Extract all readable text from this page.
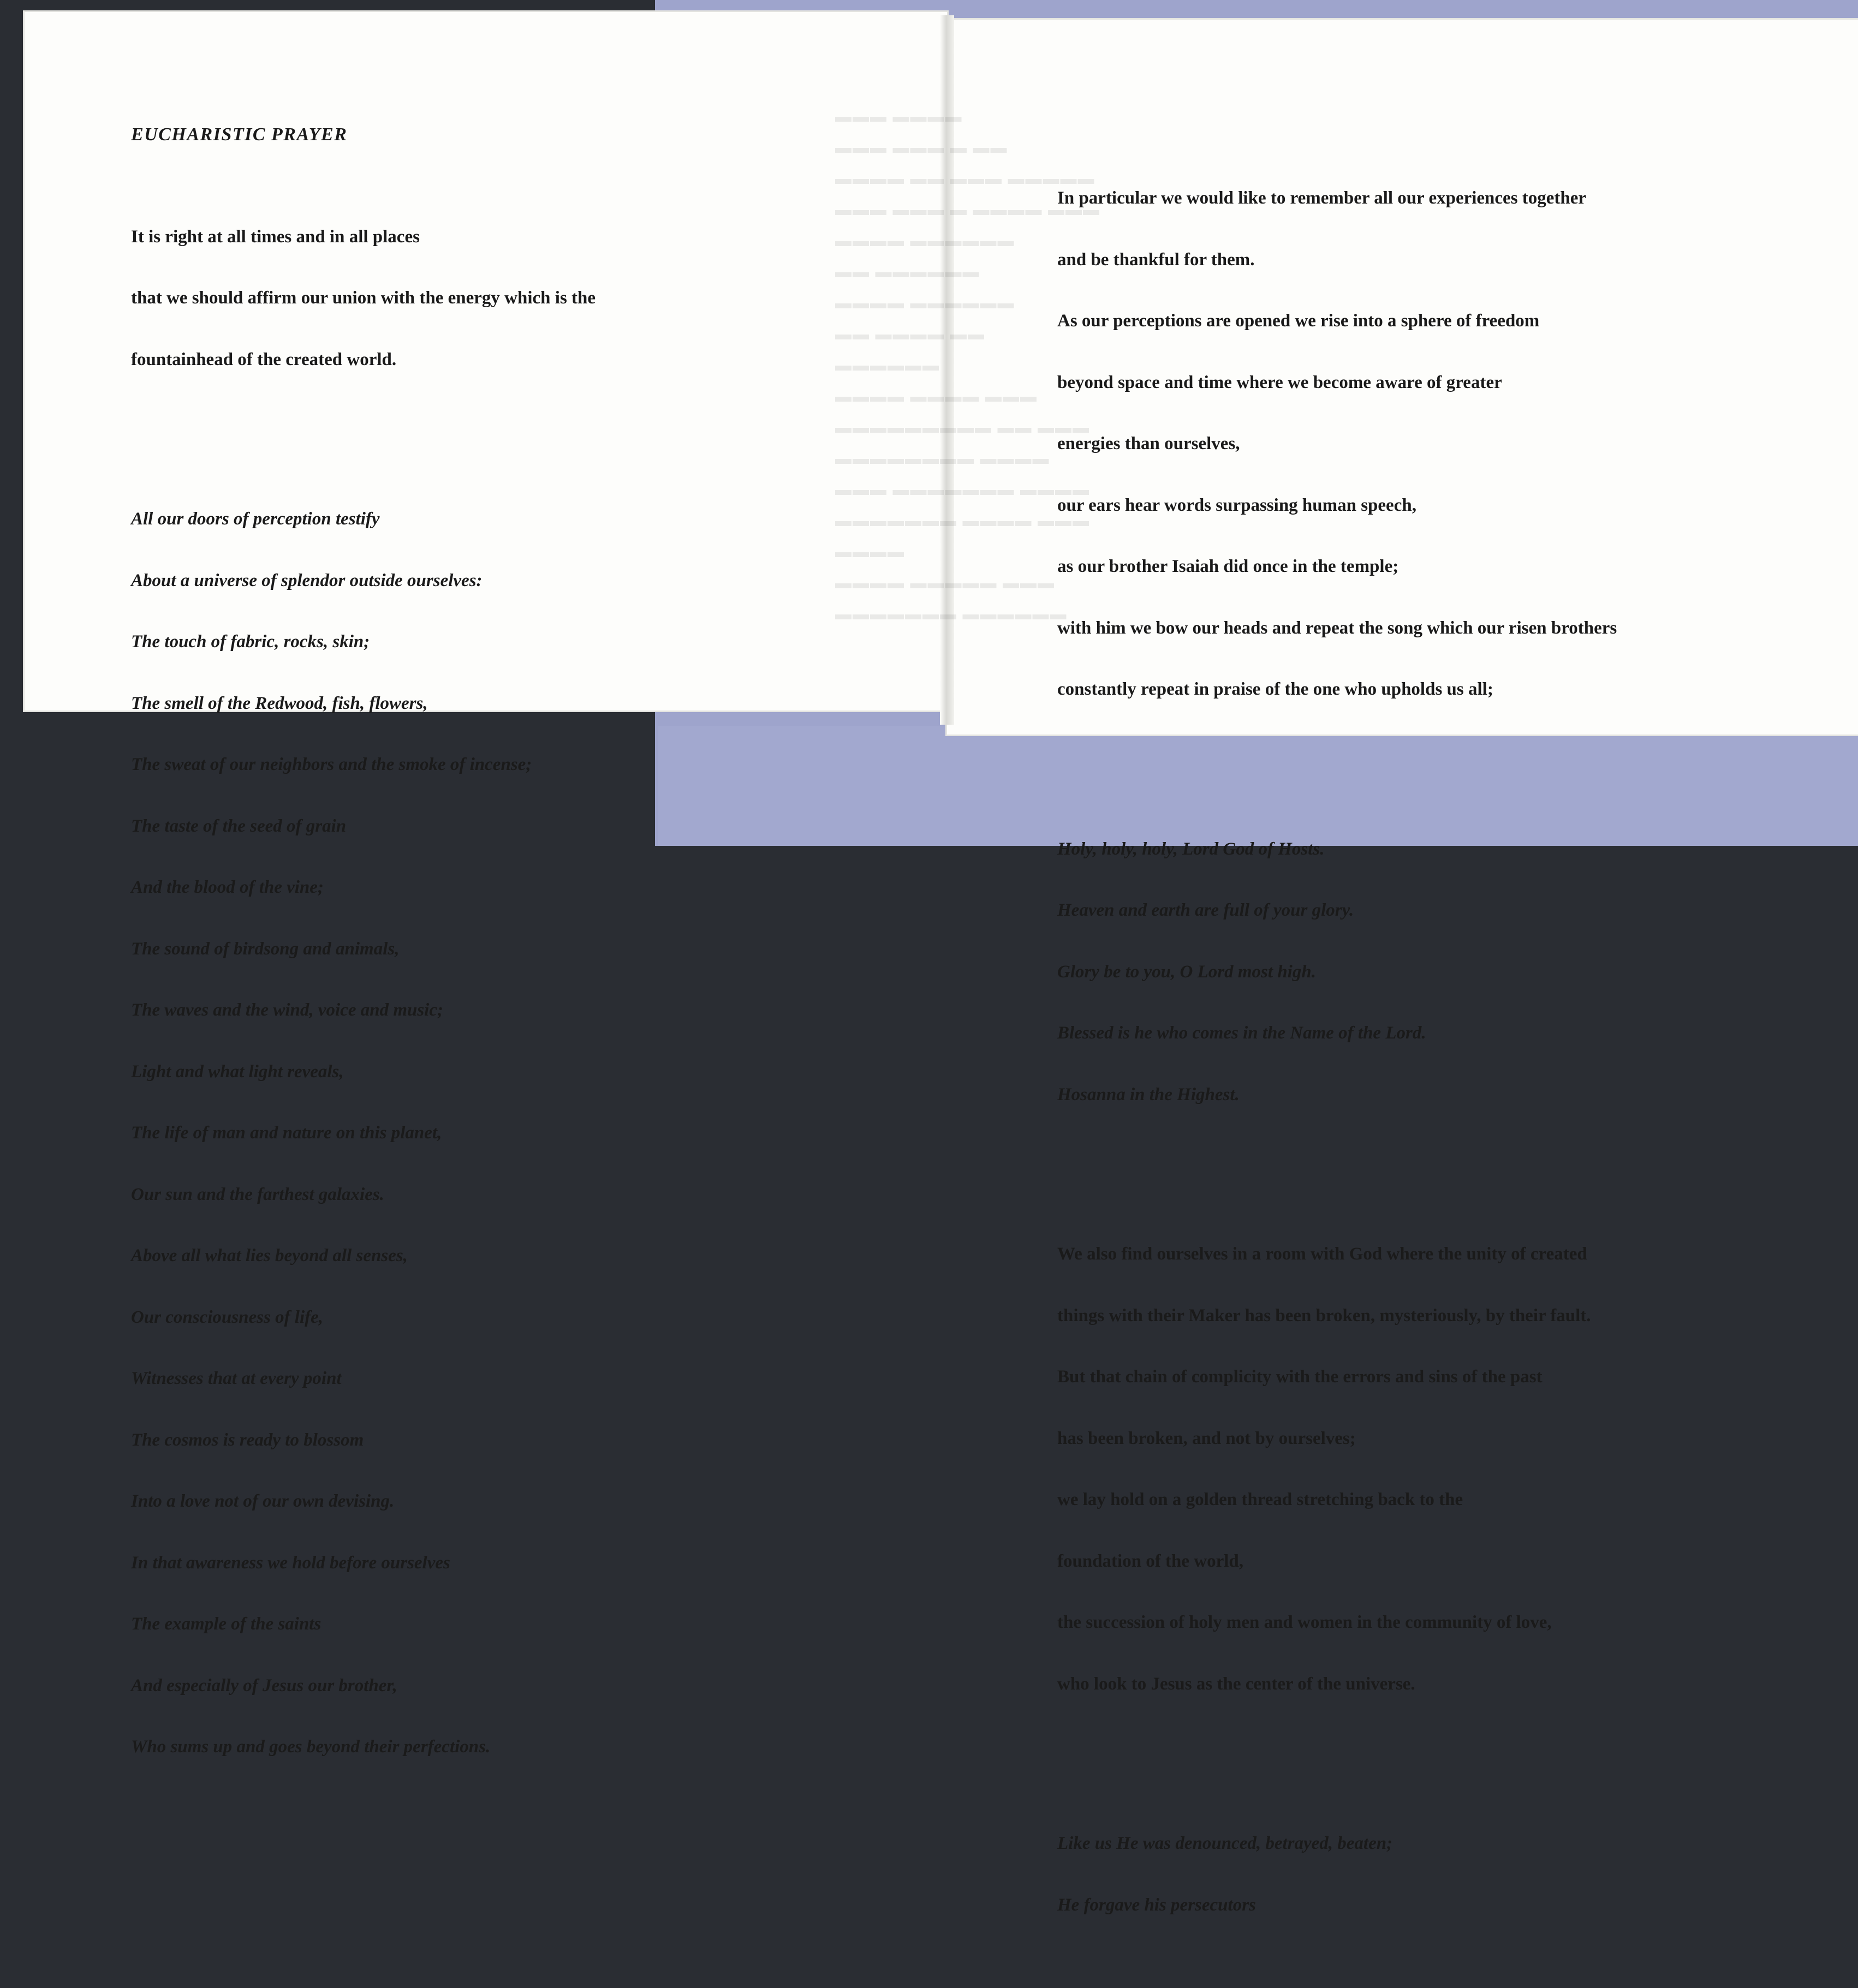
▬▬▬ ▬▬▬▬
▬▬▬ ▬▬▬ ▬ ▬▬
▬▬▬▬ ▬▬ ▬▬▬ ▬▬▬▬▬
▬▬▬ ▬▬▬ ▬ ▬▬▬▬ ▬▬▬
▬▬▬▬ ▬▬▬▬▬▬
▬▬ ▬▬▬▬▬▬
▬▬▬▬ ▬▬▬▬▬▬
▬▬ ▬▬▬▬ ▬▬
▬▬▬▬▬▬
▬▬▬▬ ▬▬▬▬ ▬▬▬
▬▬▬▬▬▬▬▬▬ ▬▬ ▬▬▬
▬▬▬▬▬▬▬▬ ▬▬▬▬
▬▬▬ ▬▬▬▬▬▬▬ ▬▬▬▬
▬▬▬▬▬▬▬ ▬▬▬▬ ▬▬▬
▬▬▬▬
▬▬▬▬ ▬▬▬▬▬ ▬▬▬
▬▬▬▬▬▬▬ ▬▬▬▬▬▬

EUCHARISTIC PRAYER

It is right at all times and in all places

that we should affirm our union with the energy which is the

fountainhead of the created world.

All our doors of perception testify

About a universe of splendor outside ourselves:

The touch of fabric, rocks, skin;

The smell of the Redwood, fish, flowers,

The sweat of our neighbors and the smoke of incense;

The taste of the seed of grain

And the blood of the vine;

The sound of birdsong and animals,

The waves and the wind, voice and music;

Light and what light reveals,

The life of man and nature on this planet,

Our sun and the farthest galaxies.

Above all what lies beyond all senses,

Our consciousness of life,

Witnesses that at every point

The cosmos is ready to blossom

Into a love not of our own devising.

In that awareness we hold before ourselves

The example of the saints

And especially of Jesus our brother,

Who sums up and goes beyond their perfections.

In particular we would like to remember all our experiences together

and be thankful for them.

As our perceptions are opened we rise into a sphere of freedom

beyond space and time where we become aware of greater

energies than ourselves,

our ears hear words surpassing human speech,

as our brother Isaiah did once in the temple;

with him we bow our heads and repeat the song which our risen brothers

constantly repeat in praise of the one who upholds us all;

Holy, holy, holy, Lord God of Hosts.

Heaven and earth are full of your glory.

Glory be to you, O Lord most high.

Blessed is he who comes in the Name of the Lord.

Hosanna in the Highest.

We also find ourselves in a room with God where the unity of created

things with their Maker has been broken, mysteriously, by their fault.

But that chain of complicity with the errors and sins of the past

has been broken, and not by ourselves;

we lay hold on a golden thread stretching back to the

foundation of the world,

the succession of holy men and women in the community of love,

who look to Jesus as the center of the universe.

Like us He was denounced, betrayed, beaten;

He forgave his persecutors
